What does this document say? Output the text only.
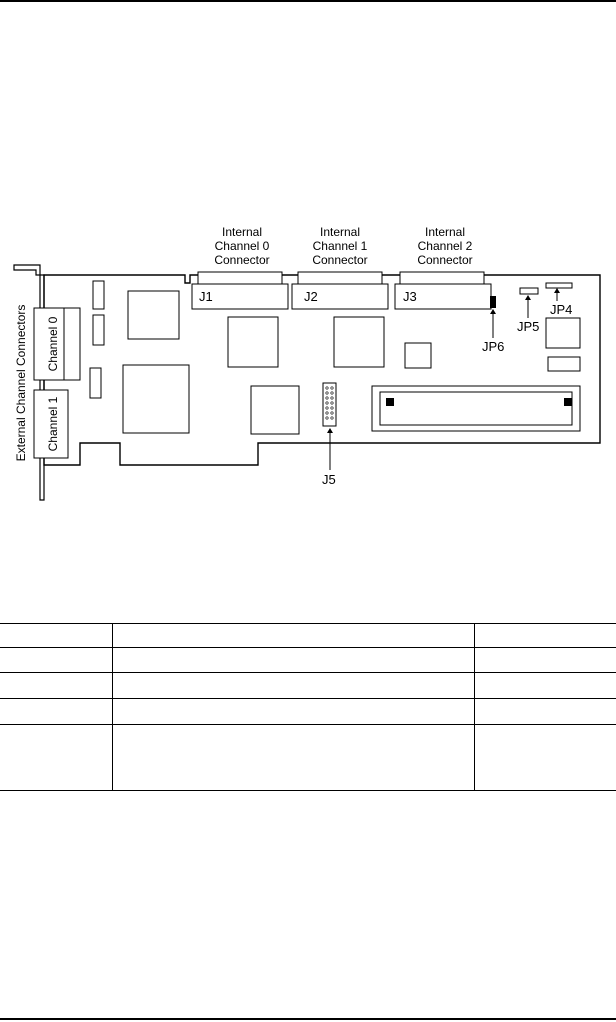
Internal
Channel 0
Connector
Internal
Channel 1
Connector
Internal
Channel 2
Connector
Channel 0
Channel 1
External Channel Connectors
J1	J2	J3
JP6
JP5
JP4
J5
